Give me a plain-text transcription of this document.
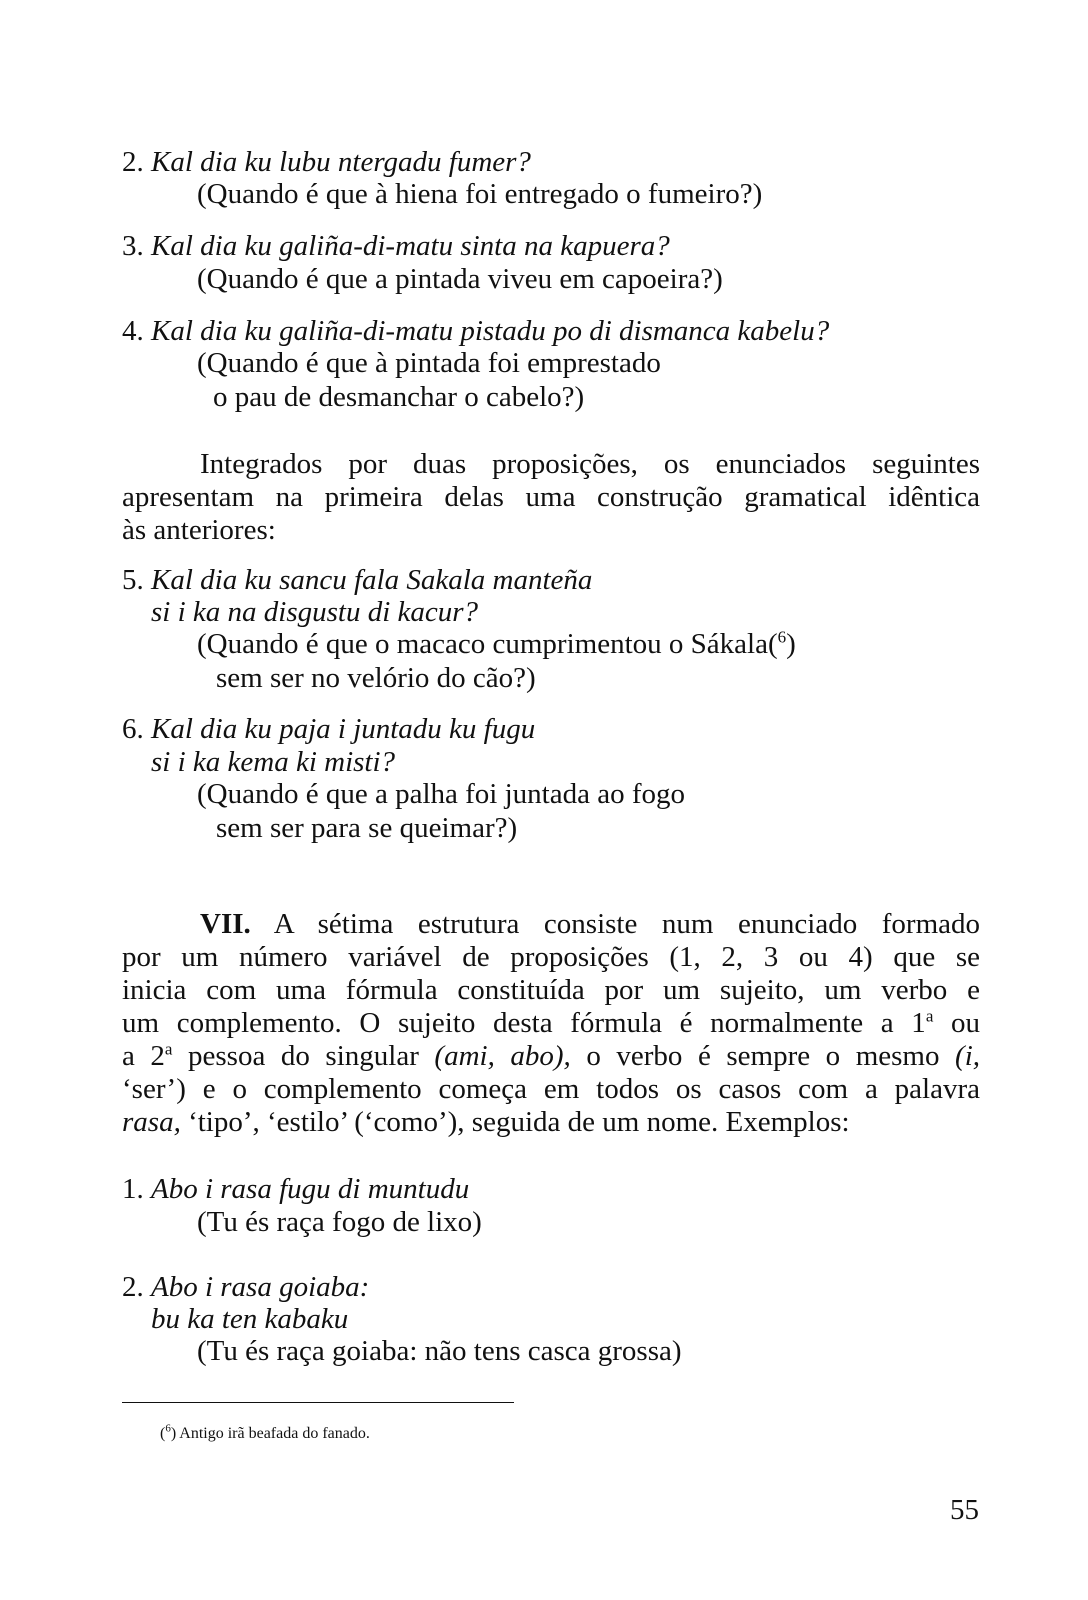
2. Kal dia ku lubu ntergadu fumer?
(Quando é que à hiena foi entregado o fumeiro?)
3. Kal dia ku galiña-di-matu sinta na kapuera?
(Quando é que a pintada viveu em capoeira?)
4. Kal dia ku galiña-di-matu pistadu po di dismanca kabelu?
(Quando é que à pintada foi emprestado
o pau de desmanchar o cabelo?)
Integrados por duas proposições, os enunciados seguintes
apresentam na primeira delas uma construção gramatical idêntica
às anteriores:
5. Kal dia ku sancu fala Sakala manteña
si i ka na disgustu di kacur?
(Quando é que o macaco cumprimentou o Sákala($^6$)
sem ser no velório do cão?)
6. Kal dia ku paja i juntadu ku fugu
si i ka kema ki misti?
(Quando é que a palha foi juntada ao fogo
sem ser para se queimar?)
VII. A sétima estrutura consiste num enunciado formado
por um número variável de proposições (1, 2, 3 ou 4) que se
inicia com uma fórmula constituída por um sujeito, um verbo e
um complemento. O sujeito desta fórmula é normalmente a 1$^a$ ou
a 2$^a$ pessoa do singular (ami, abo), o verbo é sempre o mesmo (i,
‘ser’) e o complemento começa em todos os casos com a palavra
rasa, ‘tipo’, ‘estilo’ (‘como’), seguida de um nome. Exemplos:
1. Abo i rasa fugu di muntudu
(Tu és raça fogo de lixo)
2. Abo i rasa goiaba:
bu ka ten kabaku
(Tu és raça goiaba: não tens casca grossa)
($^6$) Antigo irã beafada do fanado.
55
